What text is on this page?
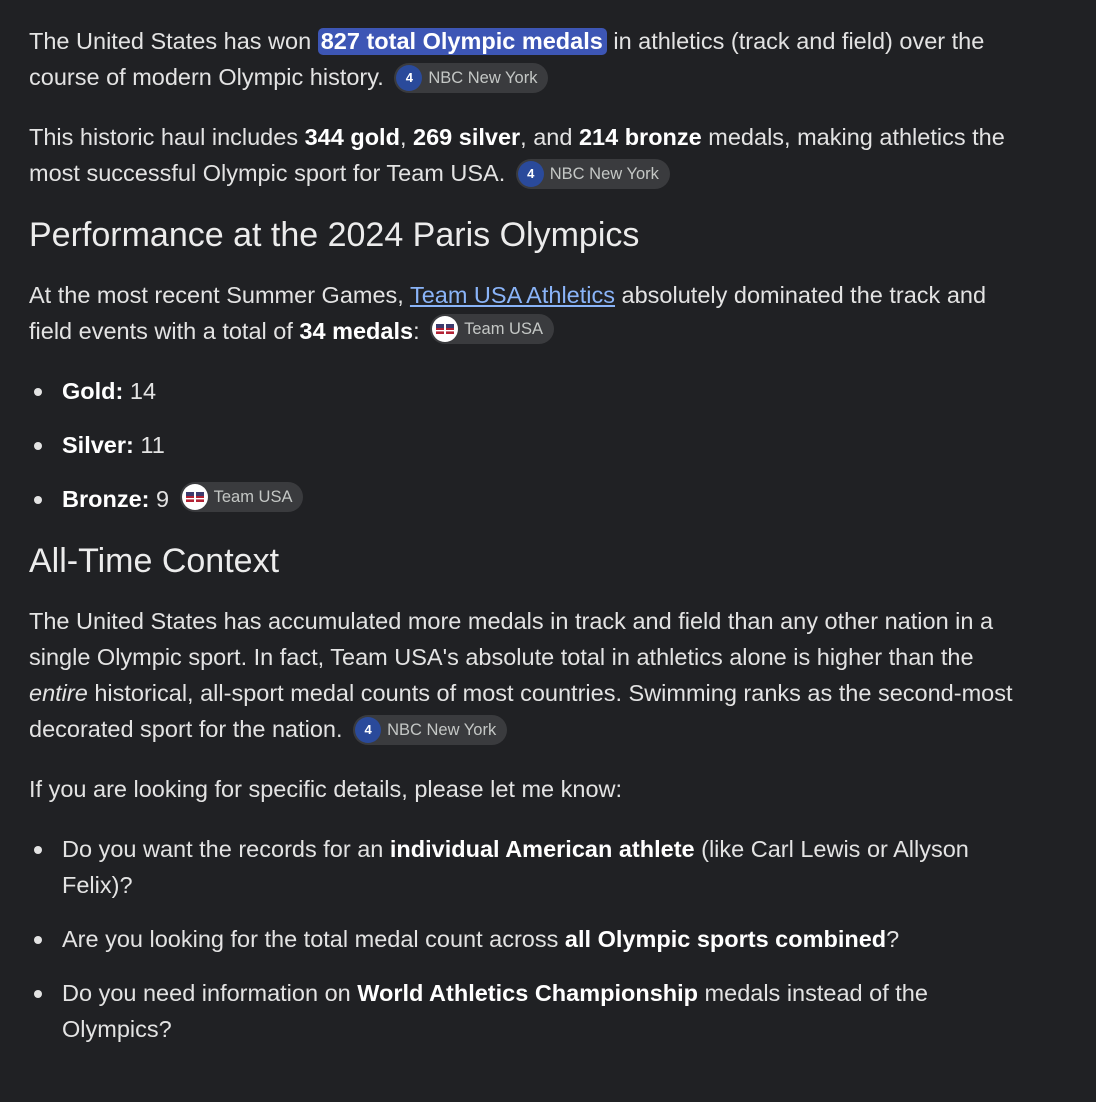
The United States has won 827 total Olympic medals in athletics (track and field) over the course of modern Olympic history.	4 NBC New York

This historic haul includes 344 gold, 269 silver, and 214 bronze medals, making athletics the most successful Olympic sport for Team USA.	4 NBC New York

Performance at the 2024 Paris Olympics

At the most recent Summer Games, Team USA Athletics absolutely dominated the track and field events with a total of 34 medals:	Team USA

Gold: 14
Silver: 11
Bronze: 9	Team USA
All-Time Context

The United States has accumulated more medals in track and field than any other nation in a single Olympic sport. In fact, Team USA's absolute total in athletics alone is higher than the entire historical, all-sport medal counts of most countries. Swimming ranks as the second-most decorated sport for the nation.	4 NBC New York

If you are looking for specific details, please let me know:

Do you want the records for an individual American athlete (like Carl Lewis or Allyson Felix)?
Are you looking for the total medal count across all Olympic sports combined?
Do you need information on World Athletics Championship medals instead of the Olympics?
